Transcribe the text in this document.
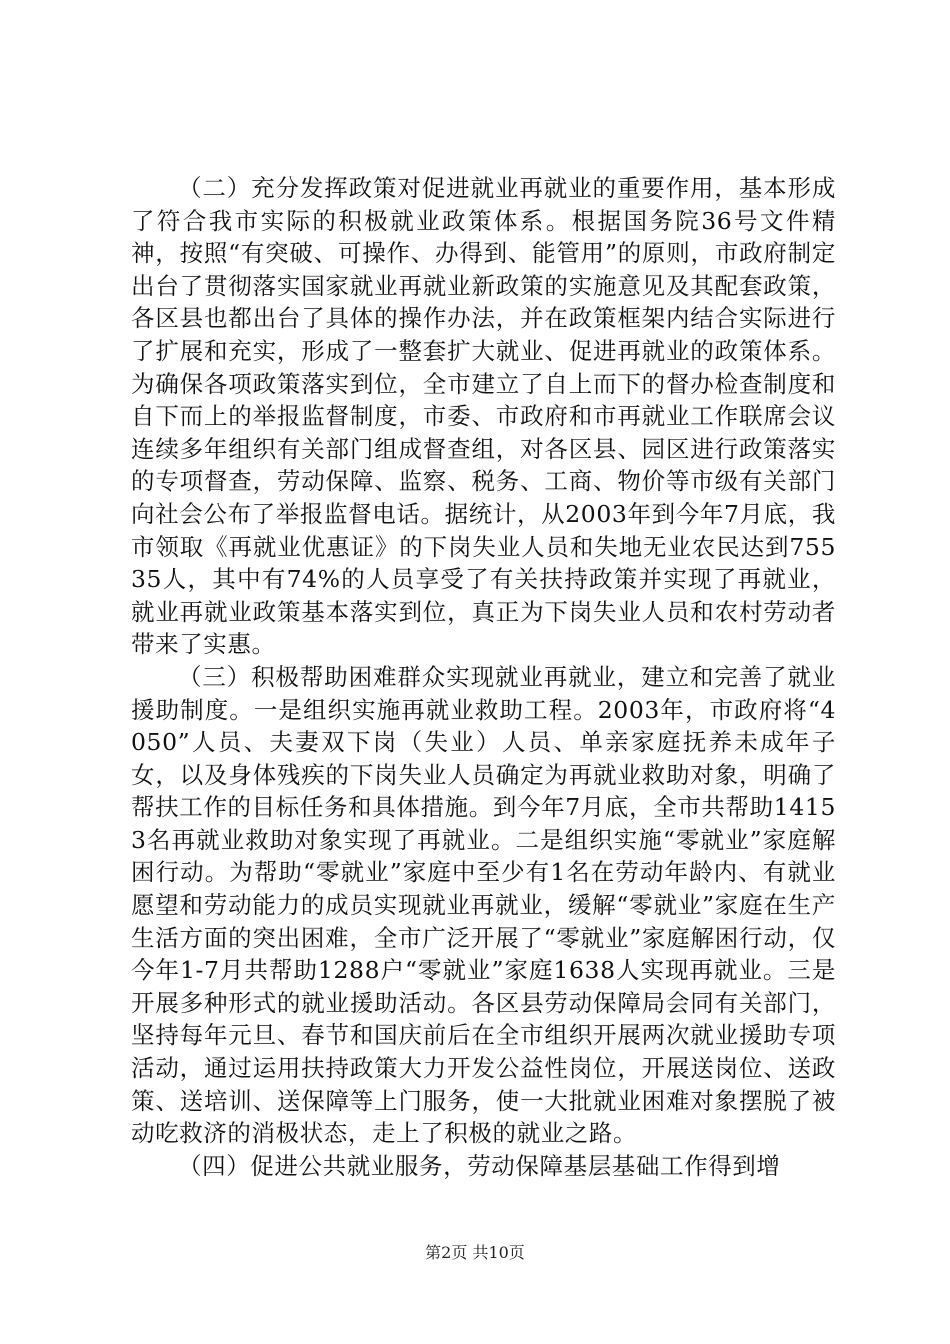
（二）充分发挥政策对促进就业再就业的重要作用，基本形成了符合我市实际的积极就业政策体系。根据国务院36号文件精神，按照“有突破、可操作、办得到、能管用”的原则，市政府制定出台了贯彻落实国家就业再就业新政策的实施意见及其配套政策，各区县也都出台了具体的操作办法，并在政策框架内结合实际进行了扩展和充实，形成了一整套扩大就业、促进再就业的政策体系。为确保各项政策落实到位，全市建立了自上而下的督办检查制度和自下而上的举报监督制度，市委、市政府和市再就业工作联席会议连续多年组织有关部门组成督查组，对各区县、园区进行政策落实的专项督查，劳动保障、监察、税务、工商、物价等市级有关部门向社会公布了举报监督电话。据统计，从2003年到今年7月底，我市领取《再就业优惠证》的下岗失业人员和失地无业农民达到75535人，其中有74%的人员享受了有关扶持政策并实现了再就业，就业再就业政策基本落实到位，真正为下岗失业人员和农村劳动者带来了实惠。

（三）积极帮助困难群众实现就业再就业，建立和完善了就业援助制度。一是组织实施再就业救助工程。2003年，市政府将“4050”人员、夫妻双下岗（失业）人员、单亲家庭抚养未成年子女，以及身体残疾的下岗失业人员确定为再就业救助对象，明确了帮扶工作的目标任务和具体措施。到今年7月底，全市共帮助14153名再就业救助对象实现了再就业。二是组织实施“零就业”家庭解困行动。为帮助“零就业”家庭中至少有1名在劳动年龄内、有就业愿望和劳动能力的成员实现就业再就业，缓解“零就业”家庭在生产生活方面的突出困难，全市广泛开展了“零就业”家庭解困行动，仅今年1-7月共帮助1288户“零就业”家庭1638人实现再就业。三是开展多种形式的就业援助活动。各区县劳动保障局会同有关部门，坚持每年元旦、春节和国庆前后在全市组织开展两次就业援助专项活动，通过运用扶持政策大力开发公益性岗位，开展送岗位、送政策、送培训、送保障等上门服务，使一大批就业困难对象摆脱了被动吃救济的消极状态，走上了积极的就业之路。

（四）促进公共就业服务，劳动保障基层基础工作得到增

第2页 共10页
